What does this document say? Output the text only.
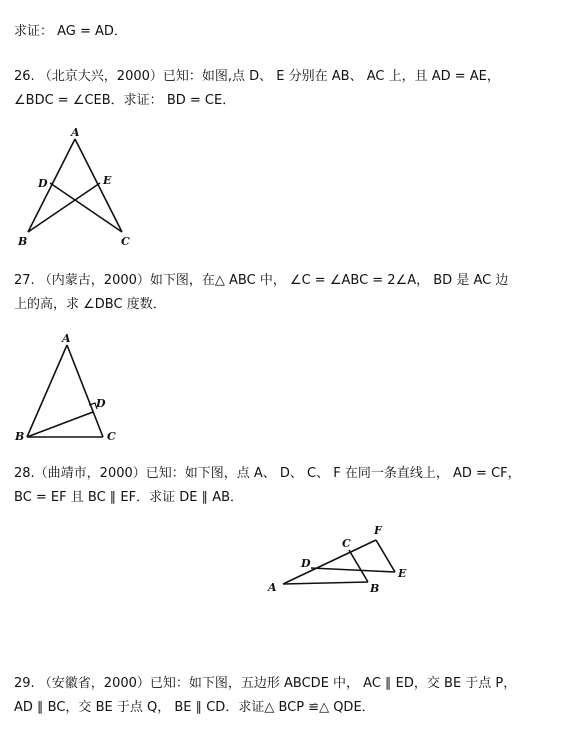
求证： AG = AD．
26. （北京大兴，2000）已知：如图,点 D、 E 分别在 AB、 AC 上，且 AD = AE，
∠BDC = ∠CEB．求证： BD = CE．
A
D	E
B	C
27. （内蒙古，2000）如下图，在△ ABC 中， ∠C = ∠ABC = 2∠A， BD 是 AC 边
上的高，求 ∠DBC 度数．
A
D
B	C
28.（曲靖市，2000）已知：如下图，点 A、 D、 C、 F 在同一条直线上， AD = CF，
BC = EF 且 BC ∥ EF．求证 DE ∥ AB．
F
C
D
E
A	B
29. （安徽省，2000）已知：如下图，五边形 ABCDE 中， AC ∥ ED，交 BE 于点 P，
AD ∥ BC，交 BE 于点 Q， BE ∥ CD．求证△ BCP ≌△ QDE．
